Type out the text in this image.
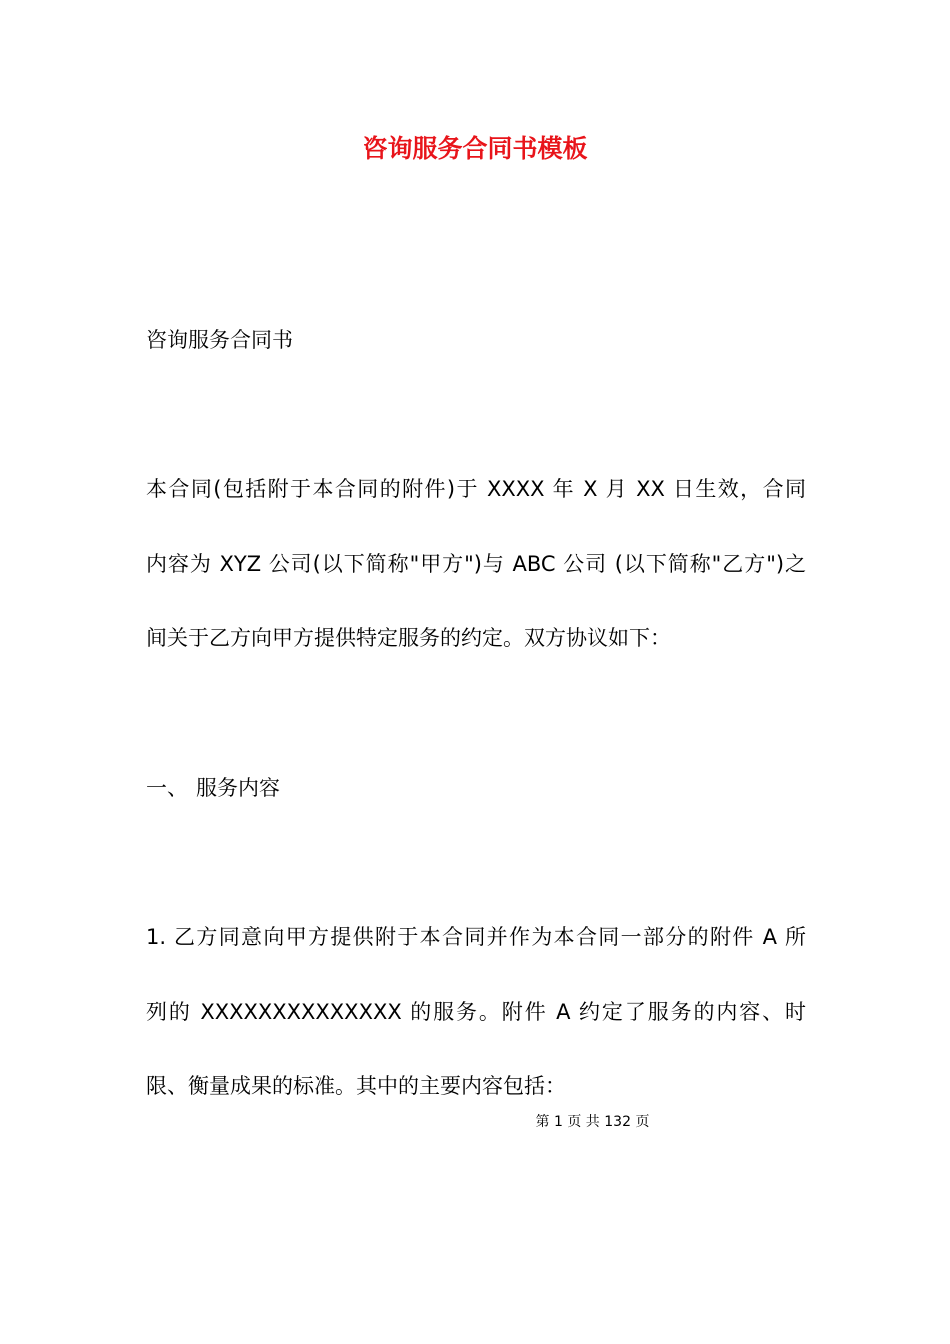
咨询服务合同书模板

咨询服务合同书

本合同(包括附于本合同的附件)于 XXXX 年 X 月 XX 日生效，合同

内容为 XYZ 公司(以下简称"甲方")与 ABC 公司 (以下简称"乙方")之

间关于乙方向甲方提供特定服务的约定。双方协议如下：

一、 服务内容

1. 乙方同意向甲方提供附于本合同并作为本合同一部分的附件 A 所

列的 XXXXXXXXXXXXXX 的服务。附件 A 约定了服务的内容、时

限、衡量成果的标准。其中的主要内容包括：

第 1 页 共 132 页
